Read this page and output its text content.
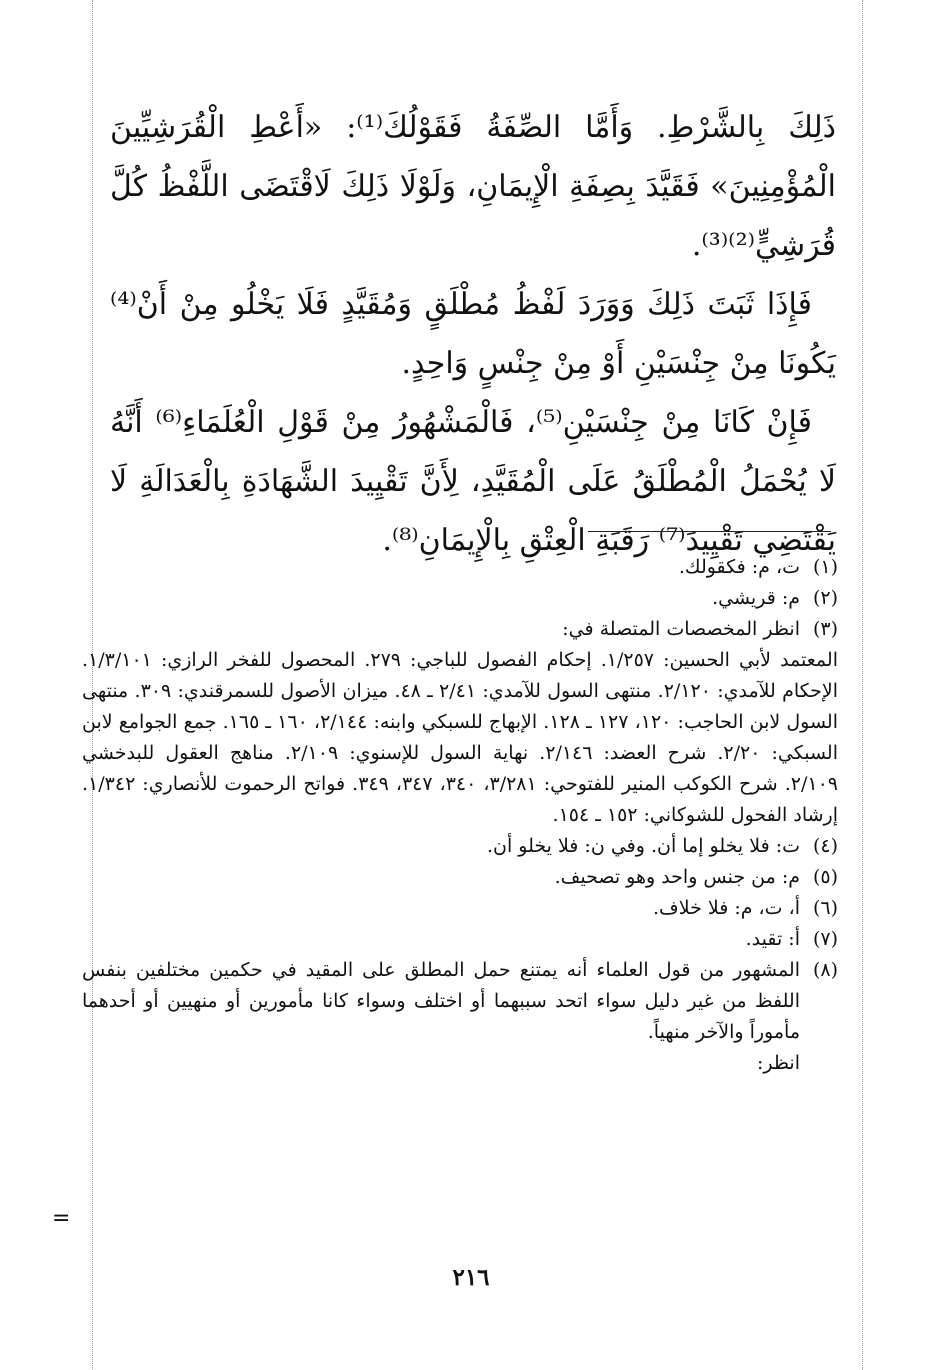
ذَلِكَ بِالشَّرْطِ. وَأَمَّا الصِّفَةُ فَقَوْلُكَ⁽¹⁾: «أَعْطِ الْقُرَشِيِّينَ الْمُؤْمِنِينَ» فَقَيَّدَ بِصِفَةِ الْإِيمَانِ، وَلَوْلَا ذَلِكَ لَاقْتَضَى اللَّفْظُ كُلَّ قُرَشِيٍّ⁽²⁾⁽³⁾.

فَإِذَا ثَبَتَ ذَلِكَ وَوَرَدَ لَفْظُ مُطْلَقٍ وَمُقَيَّدٍ فَلَا يَخْلُو مِنْ أَنْ⁽⁴⁾ يَكُونَا مِنْ جِنْسَيْنِ أَوْ مِنْ جِنْسٍ وَاحِدٍ.

فَإِنْ كَانَا مِنْ جِنْسَيْنِ⁽⁵⁾، فَالْمَشْهُورُ مِنْ قَوْلِ الْعُلَمَاءِ⁽⁶⁾ أَنَّهُ لَا يُحْمَلُ الْمُطْلَقُ عَلَى الْمُقَيَّدِ، لِأَنَّ تَقْيِيدَ الشَّهَادَةِ بِالْعَدَالَةِ لَا يَقْتَضِي تَقْيِيدَ⁽⁷⁾ رَقَبَةِ الْعِتْقِ بِالْإِيمَانِ⁽⁸⁾.

(١)
ت، م: فكقولك.
(٢)
م: قريشي.
(٣)
انظر المخصصات المتصلة في:
المعتمد لأبي الحسين: ١/٢٥٧. إحكام الفصول للباجي: ٢٧٩. المحصول للفخر الرازي: ١/٣/١٠١. الإحكام للآمدي: ٢/١٢٠. منتهى السول للآمدي: ٢/٤١ ـ ٤٨. ميزان الأصول للسمرقندي: ٣٠٩. منتهى السول لابن الحاجب: ١٢٠، ١٢٧ ـ ١٢٨. الإبهاج للسبكي وابنه: ٢/١٤٤، ١٦٠ ـ ١٦٥. جمع الجوامع لابن السبكي: ٢/٢٠. شرح العضد: ٢/١٤٦. نهاية السول للإسنوي: ٢/١٠٩. مناهج العقول للبدخشي ٢/١٠٩. شرح الكوكب المنير للفتوحي: ٣/٢٨١، ٣٤٠، ٣٤٧، ٣٤٩. فواتح الرحموت للأنصاري: ١/٣٤٢. إرشاد الفحول للشوكاني: ١٥٢ ـ ١٥٤.
(٤)
ت: فلا يخلو إما أن. وفي ن: فلا يخلو أن.
(٥)
م: من جنس واحد وهو تصحيف.
(٦)
أ، ت، م: فلا خلاف.
(٧)
أ: تقيد.
(٨)
المشهور من قول العلماء أنه يمتنع حمل المطلق على المقيد في حكمين مختلفين بنفس اللفظ من غير دليل سواء اتحد سببهما أو اختلف وسواء كانا مأمورين أو منهيين أو أحدهما مأموراً والآخر منهياً.
انظر:
=
٢١٦
